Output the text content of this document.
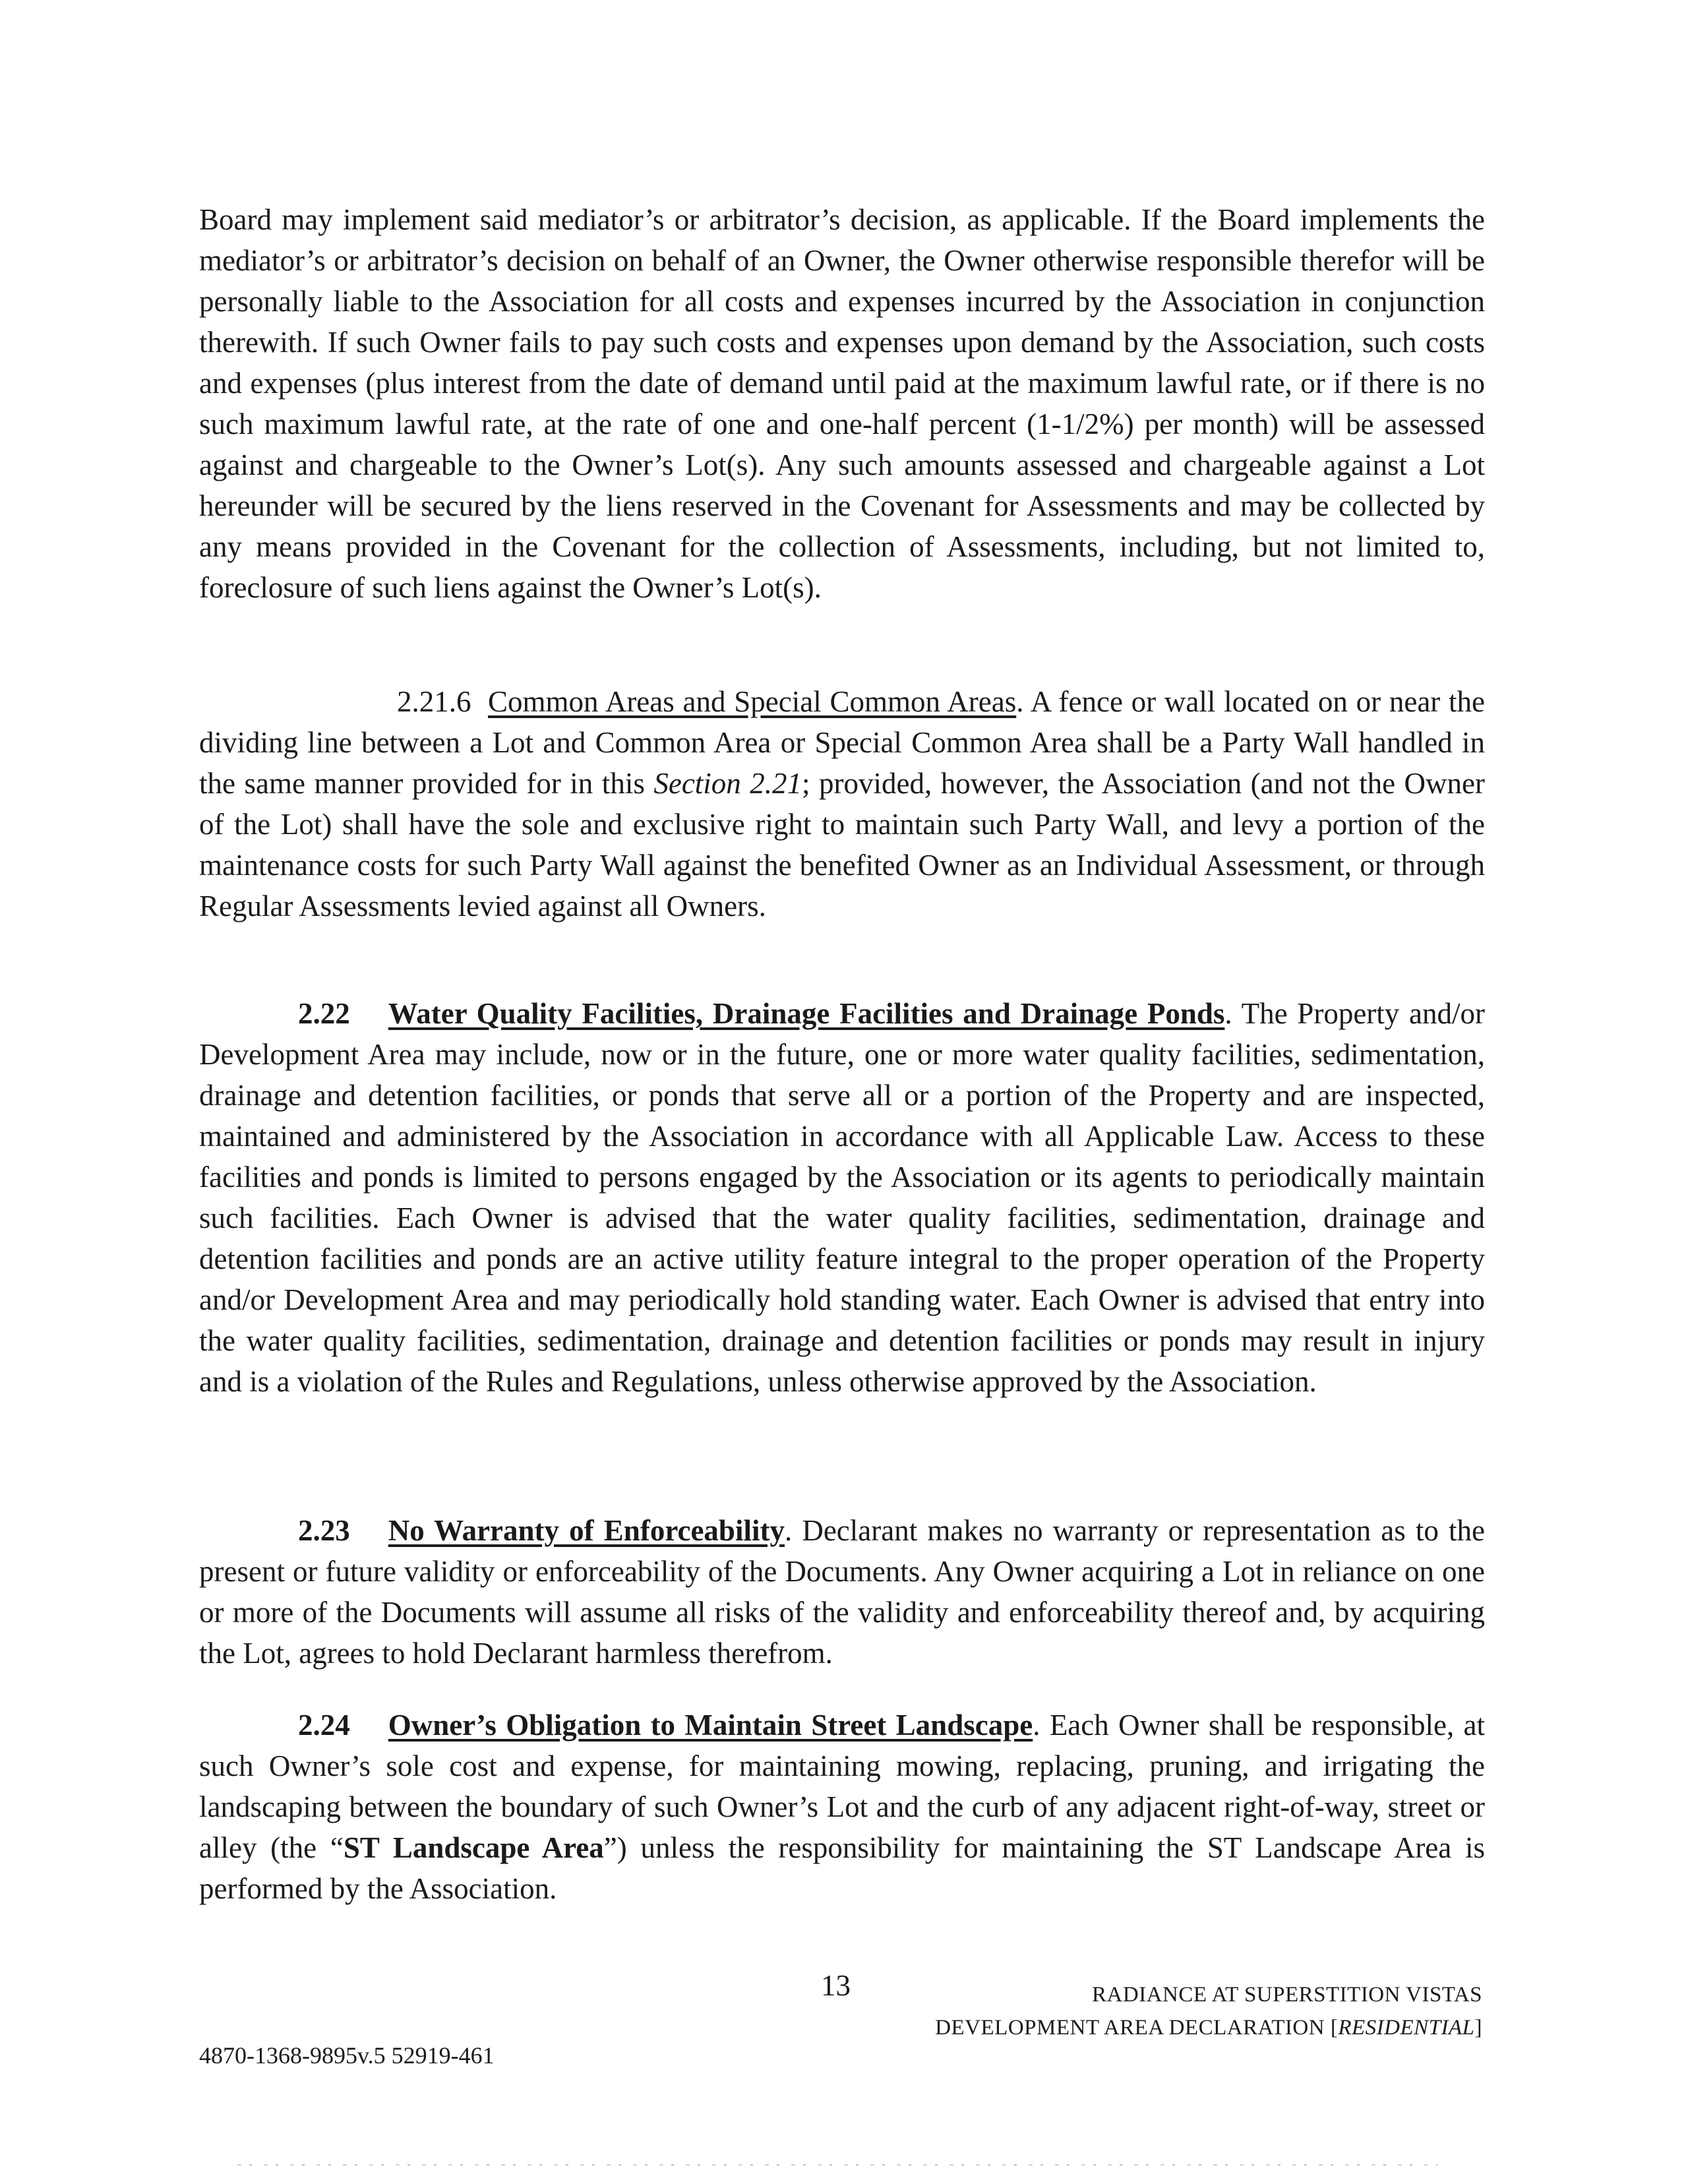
Board may implement said mediator’s or arbitrator’s decision, as applicable. If the Board implements the mediator’s or arbitrator’s decision on behalf of an Owner, the Owner otherwise responsible therefor will be personally liable to the Association for all costs and expenses incurred by the Association in conjunction therewith. If such Owner fails to pay such costs and expenses upon demand by the Association, such costs and expenses (plus interest from the date of demand until paid at the maximum lawful rate, or if there is no such maximum lawful rate, at the rate of one and one-half percent (1-1/2%) per month) will be assessed against and chargeable to the Owner’s Lot(s). Any such amounts assessed and chargeable against a Lot hereunder will be secured by the liens reserved in the Covenant for Assessments and may be collected by any means provided in the Covenant for the collection of Assessments, including, but not limited to, foreclosure of such liens against the Owner’s Lot(s).

2.21.6 Common Areas and Special Common Areas. A fence or wall located on or near the dividing line between a Lot and Common Area or Special Common Area shall be a Party Wall handled in the same manner provided for in this Section 2.21; provided, however, the Association (and not the Owner of the Lot) shall have the sole and exclusive right to maintain such Party Wall, and levy a portion of the maintenance costs for such Party Wall against the benefited Owner as an Individual Assessment, or through Regular Assessments levied against all Owners.

2.22 Water Quality Facilities, Drainage Facilities and Drainage Ponds. The Property and/or Development Area may include, now or in the future, one or more water quality facilities, sedimentation, drainage and detention facilities, or ponds that serve all or a portion of the Property and are inspected, maintained and administered by the Association in accordance with all Applicable Law. Access to these facilities and ponds is limited to persons engaged by the Association or its agents to periodically maintain such facilities. Each Owner is advised that the water quality facilities, sedimentation, drainage and detention facilities and ponds are an active utility feature integral to the proper operation of the Property and/or Development Area and may periodically hold standing water. Each Owner is advised that entry into the water quality facilities, sedimentation, drainage and detention facilities or ponds may result in injury and is a violation of the Rules and Regulations, unless otherwise approved by the Association.

2.23 No Warranty of Enforceability. Declarant makes no warranty or representation as to the present or future validity or enforceability of the Documents. Any Owner acquiring a Lot in reliance on one or more of the Documents will assume all risks of the validity and enforceability thereof and, by acquiring the Lot, agrees to hold Declarant harmless therefrom.

2.24 Owner’s Obligation to Maintain Street Landscape. Each Owner shall be responsible, at such Owner’s sole cost and expense, for maintaining mowing, replacing, pruning, and irrigating the landscaping between the boundary of such Owner’s Lot and the curb of any adjacent right-of-way, street or alley (the “ST Landscape Area”) unless the responsibility for maintaining the ST Landscape Area is performed by the Association.

13	RADIANCE AT SUPERSTITION VISTAS
DEVELOPMENT AREA DECLARATION [RESIDENTIAL]
4870-1368-9895v.5 52919-461
